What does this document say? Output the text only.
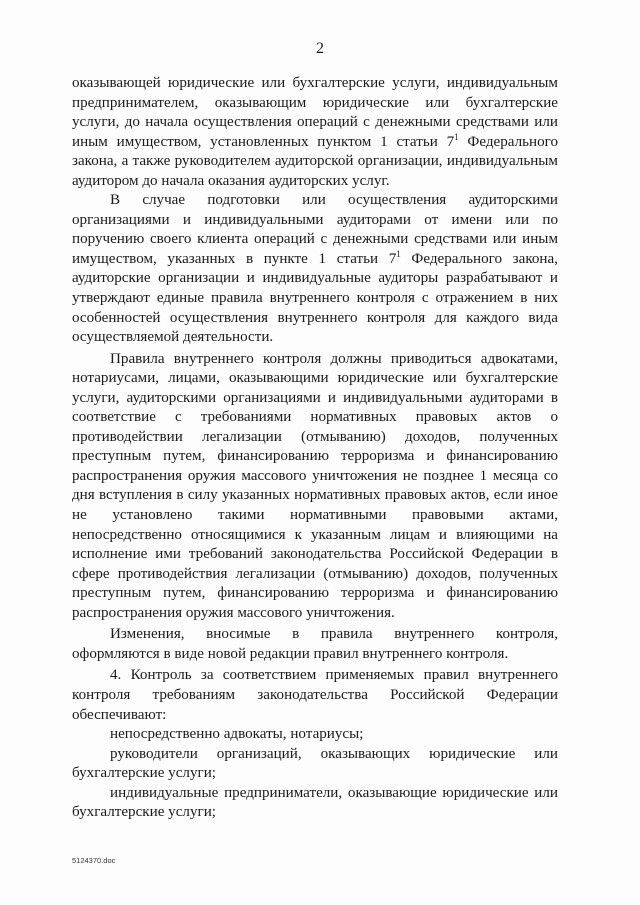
2

оказывающей юридические или бухгалтерские услуги, индивидуальным предпринимателем, оказывающим юридические или бухгалтерские услуги, до начала осуществления операций с денежными средствами или иным имуществом, установленных пунктом 1 статьи $7^1$ Федерального закона, а также руководителем аудиторской организации, индивидуальным аудитором до начала оказания аудиторских услуг.

В случае подготовки или осуществления аудиторскими организациями и индивидуальными аудиторами от имени или по поручению своего клиента операций с денежными средствами или иным имуществом, указанных в пункте 1 статьи $7^1$ Федерального закона, аудиторские организации и индивидуальные аудиторы разрабатывают и утверждают единые правила внутреннего контроля с отражением в них особенностей осуществления внутреннего контроля для каждого вида осуществляемой деятельности.

Правила внутреннего контроля должны приводиться адвокатами, нотариусами, лицами, оказывающими юридические или бухгалтерские услуги, аудиторскими организациями и индивидуальными аудиторами в соответствие с требованиями нормативных правовых актов о противодействии легализации (отмыванию) доходов, полученных преступным путем, финансированию терроризма и финансированию распространения оружия массового уничтожения не позднее 1 месяца со дня вступления в силу указанных нормативных правовых актов, если иное не установлено такими нормативными правовыми актами, непосредственно относящимися к указанным лицам и влияющими на исполнение ими требований законодательства Российской Федерации в сфере противодействия легализации (отмыванию) доходов, полученных преступным путем, финансированию терроризма и финансированию распространения оружия массового уничтожения.

Изменения, вносимые в правила внутреннего контроля, оформляются в виде новой редакции правил внутреннего контроля.

4. Контроль за соответствием применяемых правил внутреннего контроля требованиям законодательства Российской Федерации обеспечивают:

непосредственно адвокаты, нотариусы;

руководители организаций, оказывающих юридические или бухгалтерские услуги;

индивидуальные предприниматели, оказывающие юридические или бухгалтерские услуги;

5124370.doc
